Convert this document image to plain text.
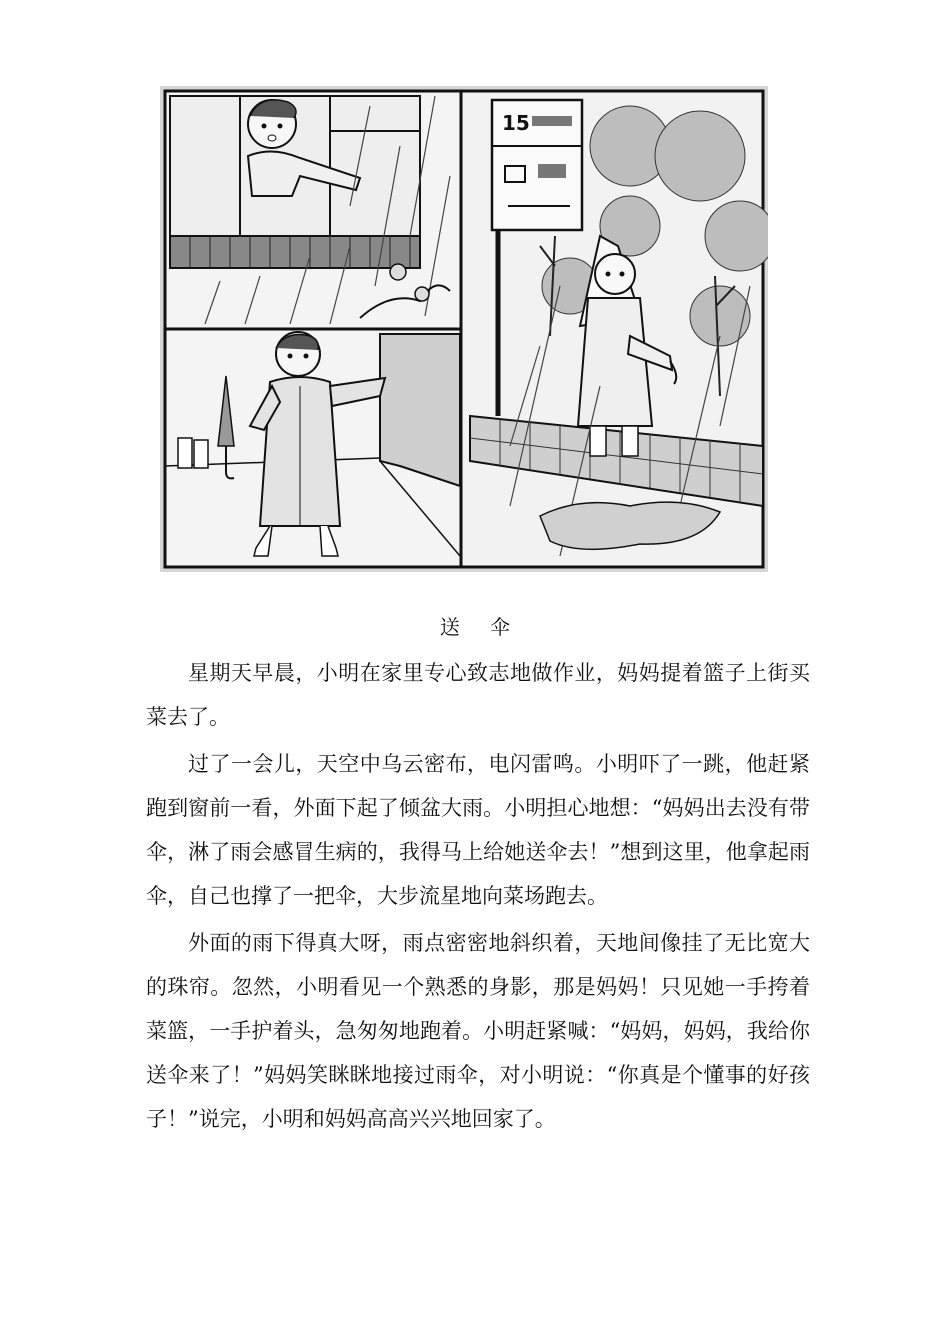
15
送 伞

星期天早晨，小明在家里专心致志地做作业，妈妈提着篮子上街买菜去了。

过了一会儿，天空中乌云密布，电闪雷鸣。小明吓了一跳，他赶紧跑到窗前一看，外面下起了倾盆大雨。小明担心地想：“妈妈出去没有带伞，淋了雨会感冒生病的，我得马上给她送伞去！”想到这里，他拿起雨伞，自己也撑了一把伞，大步流星地向菜场跑去。

外面的雨下得真大呀，雨点密密地斜织着，天地间像挂了无比宽大的珠帘。忽然，小明看见一个熟悉的身影，那是妈妈！只见她一手挎着菜篮，一手护着头，急匆匆地跑着。小明赶紧喊：“妈妈，妈妈，我给你送伞来了！”妈妈笑眯眯地接过雨伞，对小明说：“你真是个懂事的好孩子！”说完，小明和妈妈高高兴兴地回家了。
